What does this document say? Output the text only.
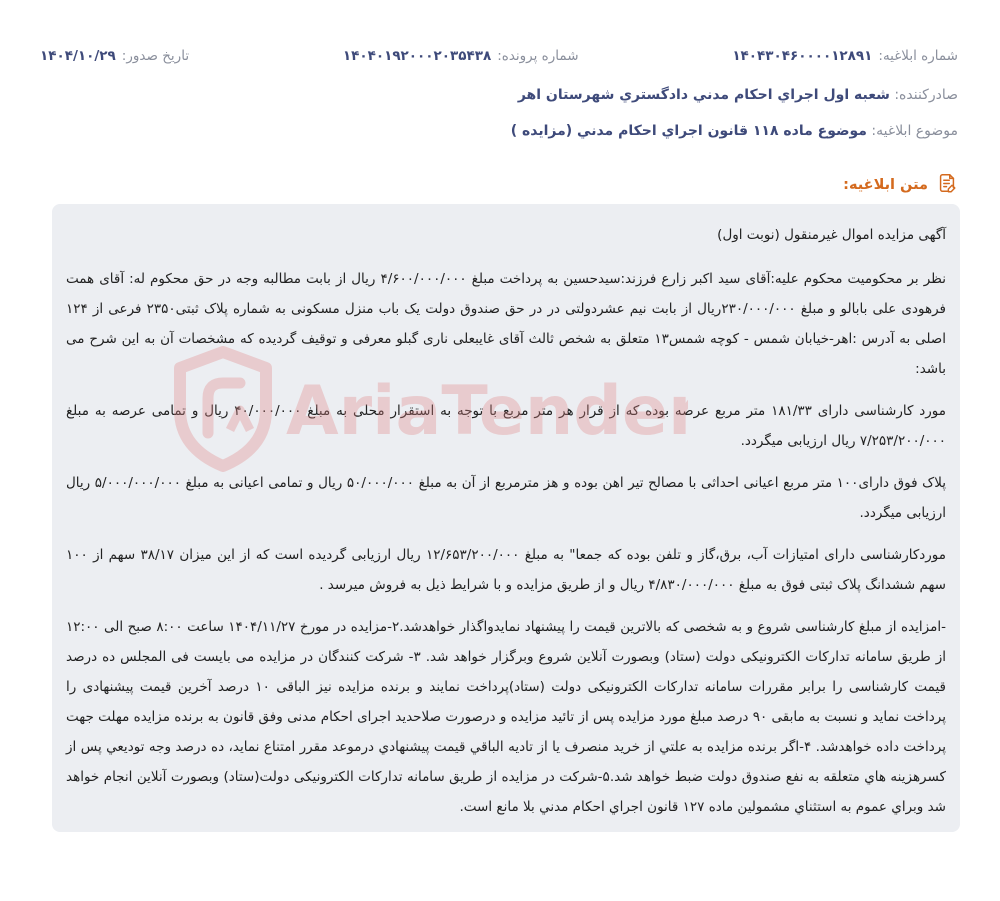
شماره ابلاغيه:
۱۴۰۴۳۰۴۶۰۰۰۰۱۲۸۹۱
شماره پرونده:
۱۴۰۴۰۱۹۲۰۰۰۲۰۳۵۴۳۸
تاريخ صدور:
۱۴۰۴/۱۰/۲۹
صادرکننده: شعبه اول اجراي احكام مدني دادگستري شهرستان اهر
موضوع ابلاغيه: موضوع ماده ۱۱۸ قانون اجراي احكام مدني (مزايده )
متن ابلاغيه:

آگهی مزایده اموال غیرمنقول (نوبت اول)

نظر بر محکومیت محکوم علیه:آقای سید اکبر زارع فرزند:سیدحسین به پرداخت مبلغ ۴/۶۰۰/۰۰۰/۰۰۰ ریال از بابت مطالبه وجه در حق محکوم له: آقای همت فرهودی علی بابالو و مبلغ ۲۳۰/۰۰۰/۰۰۰ریال از بابت نیم عشردولتی در در حق صندوق دولت یک باب منزل مسکونی به شماره پلاک ثبتی۲۳۵۰ فرعی از ۱۲۴ اصلی به آدرس :اهر-خیابان شمس - کوچه شمس۱۳ متعلق به شخص ثالث آقای غایبعلی ناری گبلو معرفی و توقیف گردیده که مشخصات آن به این شرح می باشد:

مورد کارشناسی دارای ۱۸۱/۳۳ متر مربع عرصه بوده که از قرار هر متر مربع با توجه به استقرار محلی به مبلغ ۴۰/۰۰۰/۰۰۰ ریال و تمامی عرصه به مبلغ ۷/۲۵۳/۲۰۰/۰۰۰ ریال ارزیابی میگردد.

پلاک فوق دارای۱۰۰ متر مربع اعیانی احداثی با مصالح تیر اهن بوده و هز مترمربع از آن به مبلغ ۵۰/۰۰۰/۰۰۰ ریال و تمامی اعیانی به مبلغ ۵/۰۰۰/۰۰۰/۰۰۰ ریال ارزیابی میگردد.

موردکارشناسی دارای امتیازات آب، برق،گاز و تلفن بوده که جمعا" به مبلغ ۱۲/۶۵۳/۲۰۰/۰۰۰ ریال ارزیابی گردیده است که از این میزان ۳۸/۱۷ سهم از ۱۰۰ سهم ششدانگ پلاک ثبتی فوق به مبلغ ۴/۸۳۰/۰۰۰/۰۰۰ ریال و از طریق مزایده و با شرایط ذیل به فروش میرسد .

-امزایده از مبلغ کارشناسی شروع و به شخصی که بالاترین قیمت را پیشنهاد نمایدواگذار خواهدشد.۲-مزایده در مورخ ۱۴۰۴/۱۱/۲۷ ساعت ۸:۰۰ صبح الی ۱۲:۰۰ از طریق سامانه تدارکات الکترونیکی دولت (ستاد) وبصورت آنلاین شروع وبرگزار خواهد شد. ۳- شرکت کنندگان در مزایده می بایست فی المجلس ده درصد قیمت کارشناسی را برابر مقررات سامانه تدارکات الکترونیکی دولت (ستاد)پرداخت نمایند و برنده مزایده نیز الباقی ۱۰ درصد آخرین قیمت پیشنهادی را پرداخت نماید و نسبت به مابقی ۹۰ درصد مبلغ مورد مزایده پس از تائید مزایده و درصورت صلاحدید اجرای احکام مدنی وفق قانون به برنده مزایده مهلت جهت پرداخت داده خواهدشد. ۴-اگر برنده مزايده به علتي از خريد منصرف يا از تاديه الباقي قيمت پيشنهادي درموعد مقرر امتناع نمايد، ده درصد وجه توديعي پس از كسرهزينه هاي متعلقه به نفع صندوق دولت ضبط خواهد شد.۵-شرکت در مزایده از طریق سامانه تدارکات الکترونیکی دولت(ستاد) وبصورت آنلاین انجام خواهد شد وبراي عموم به استثناي مشمولين ماده ۱۲۷ قانون اجراي احكام مدني بلا مانع است.

AriaTender
